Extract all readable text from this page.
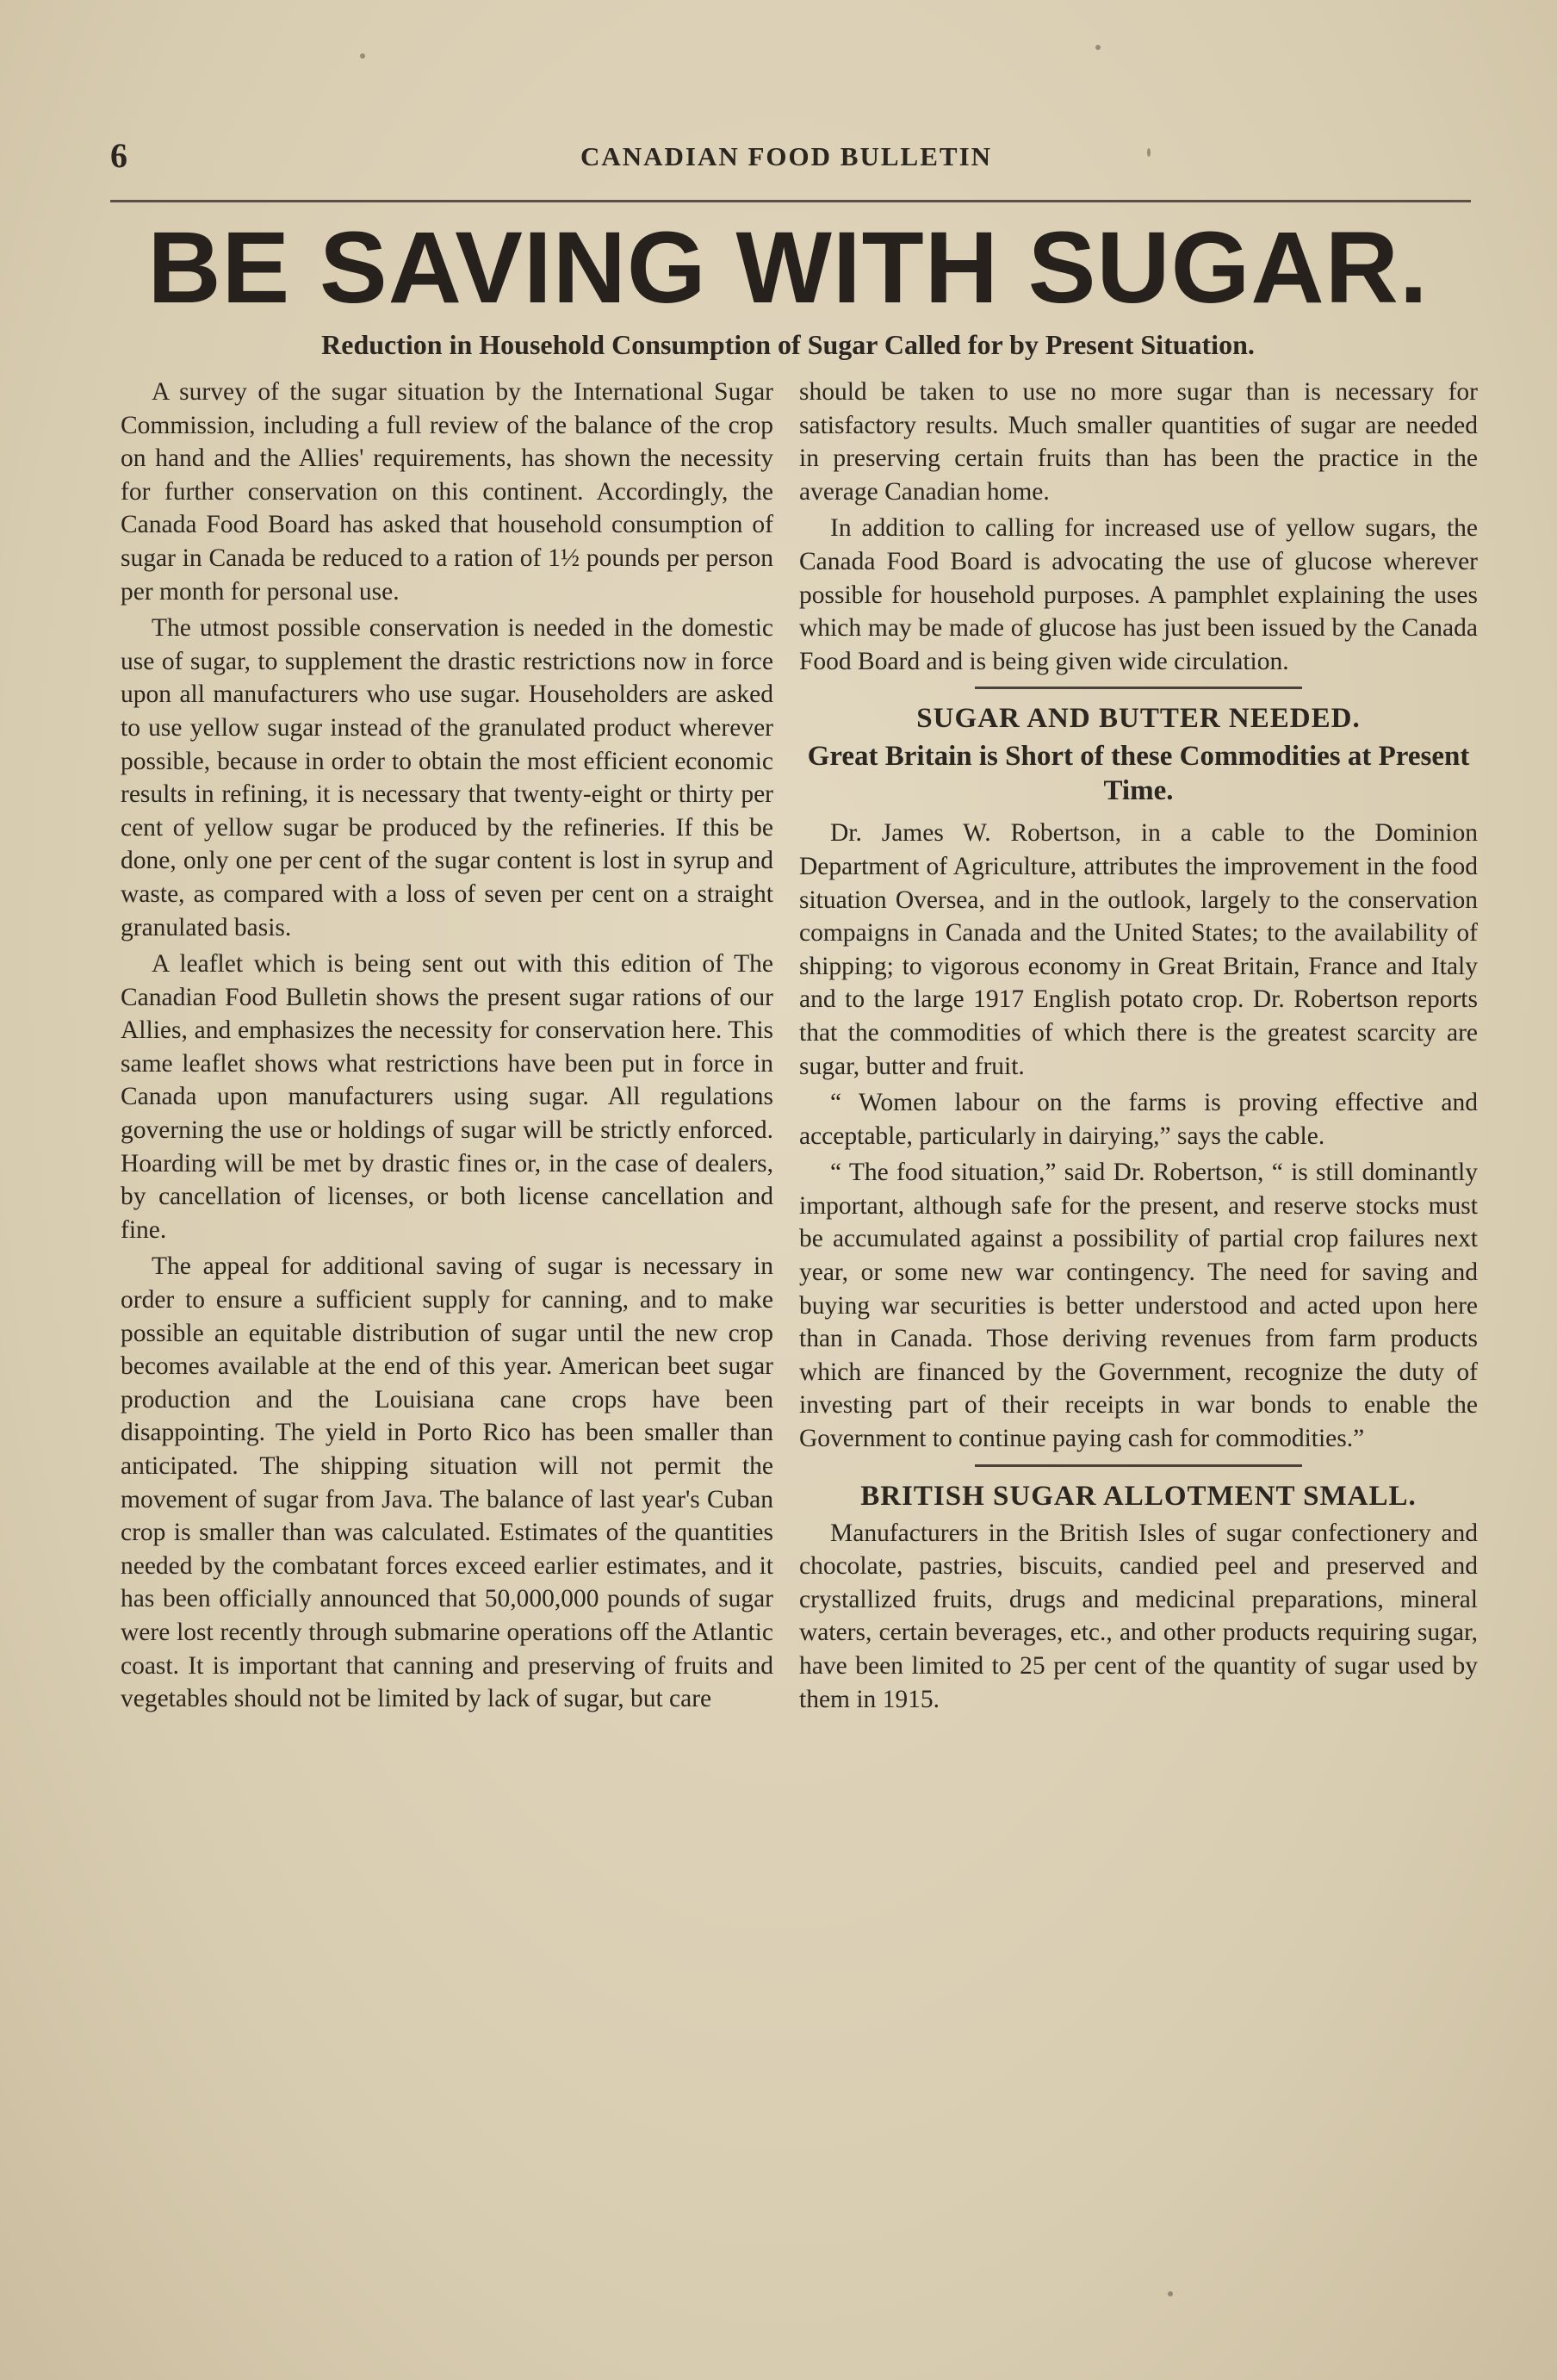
6	CANADIAN FOOD BULLETIN
BE SAVING WITH SUGAR.
Reduction in Household Consumption of Sugar Called for by Present Situation.

A survey of the sugar situation by the International Sugar Commission, including a full review of the balance of the crop on hand and the Allies' requirements, has shown the necessity for further conservation on this continent. Accordingly, the Canada Food Board has asked that household consumption of sugar in Canada be reduced to a ration of 1½ pounds per person per month for personal use.

The utmost possible conservation is needed in the domestic use of sugar, to supplement the drastic restrictions now in force upon all manufacturers who use sugar. Householders are asked to use yellow sugar instead of the granulated product wherever possible, because in order to obtain the most efficient economic results in refining, it is necessary that twenty-eight or thirty per cent of yellow sugar be produced by the refineries. If this be done, only one per cent of the sugar content is lost in syrup and waste, as compared with a loss of seven per cent on a straight granulated basis.

A leaflet which is being sent out with this edition of The Canadian Food Bulletin shows the present sugar rations of our Allies, and emphasizes the necessity for conservation here. This same leaflet shows what restrictions have been put in force in Canada upon manufacturers using sugar. All regulations governing the use or holdings of sugar will be strictly enforced. Hoarding will be met by drastic fines or, in the case of dealers, by cancellation of licenses, or both license cancellation and fine.

The appeal for additional saving of sugar is necessary in order to ensure a sufficient supply for canning, and to make possible an equitable distribution of sugar until the new crop becomes available at the end of this year. American beet sugar production and the Louisiana cane crops have been disappointing. The yield in Porto Rico has been smaller than anticipated. The shipping situation will not permit the movement of sugar from Java. The balance of last year's Cuban crop is smaller than was calculated. Estimates of the quantities needed by the combatant forces exceed earlier estimates, and it has been officially announced that 50,000,000 pounds of sugar were lost recently through submarine operations off the Atlantic coast. It is important that canning and preserving of fruits and vegetables should not be limited by lack of sugar, but care

should be taken to use no more sugar than is necessary for satisfactory results. Much smaller quantities of sugar are needed in preserving certain fruits than has been the practice in the average Canadian home.

In addition to calling for increased use of yellow sugars, the Canada Food Board is advocating the use of glucose wherever possible for household purposes. A pamphlet explaining the uses which may be made of glucose has just been issued by the Canada Food Board and is being given wide circulation.

SUGAR AND BUTTER NEEDED.
Great Britain is Short of these Commodities at Present Time.

Dr. James W. Robertson, in a cable to the Dominion Department of Agriculture, attributes the improvement in the food situation Oversea, and in the outlook, largely to the conservation compaigns in Canada and the United States; to the availability of shipping; to vigorous economy in Great Britain, France and Italy and to the large 1917 English potato crop. Dr. Robertson reports that the commodities of which there is the greatest scarcity are sugar, butter and fruit.

“ Women labour on the farms is proving effective and acceptable, particularly in dairying,” says the cable.

“ The food situation,” said Dr. Robertson, “ is still dominantly important, although safe for the present, and reserve stocks must be accumulated against a possibility of partial crop failures next year, or some new war contingency. The need for saving and buying war securities is better understood and acted upon here than in Canada. Those deriving revenues from farm products which are financed by the Government, recognize the duty of investing part of their receipts in war bonds to enable the Government to continue paying cash for commodities.”

BRITISH SUGAR ALLOTMENT SMALL.

Manufacturers in the British Isles of sugar confectionery and chocolate, pastries, biscuits, candied peel and preserved and crystallized fruits, drugs and medicinal preparations, mineral waters, certain beverages, etc., and other products requiring sugar, have been limited to 25 per cent of the quantity of sugar used by them in 1915.
